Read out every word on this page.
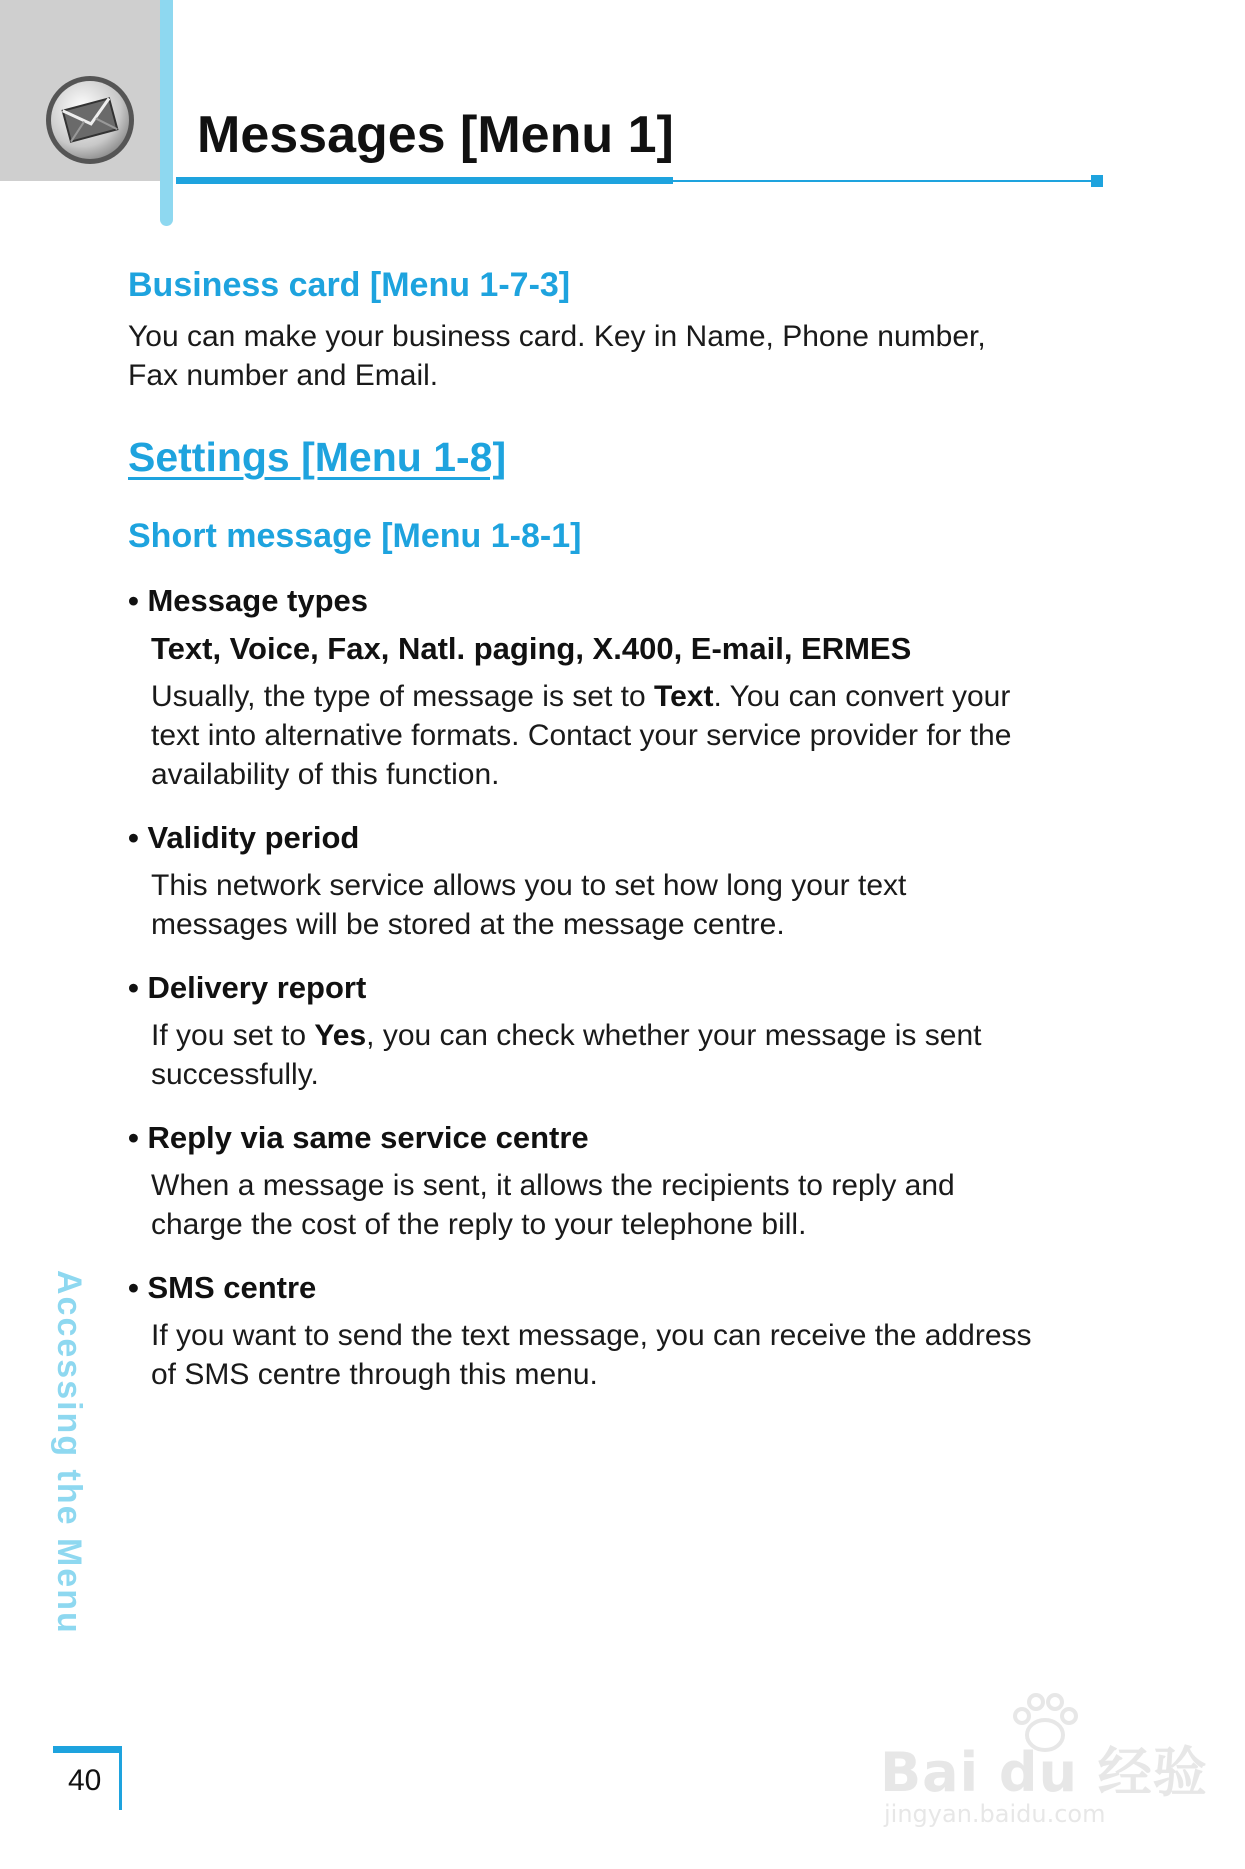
Messages [Menu 1]
Business card [Menu 1-7-3]

You can make your business card. Key in Name, Phone number,
Fax number and Email.

Settings [Menu 1-8]
Short message [Menu 1-8-1]

• Message types

Text, Voice, Fax, Natl. paging, X.400, E-mail, ERMES

Usually, the type of message is set to Text. You can convert your
text into alternative formats. Contact your service provider for the
availability of this function.

• Validity period

This network service allows you to set how long your text
messages will be stored at the message centre.

• Delivery report

If you set to Yes, you can check whether your message is sent
successfully.

• Reply via same service centre

When a message is sent, it allows the recipients to reply and
charge the cost of the reply to your telephone bill.

• SMS centre

If you want to send the text message, you can receive the address
of SMS centre through this menu.

Accessing the Menu

40	Bai du 经验
jingyan.baidu.com
